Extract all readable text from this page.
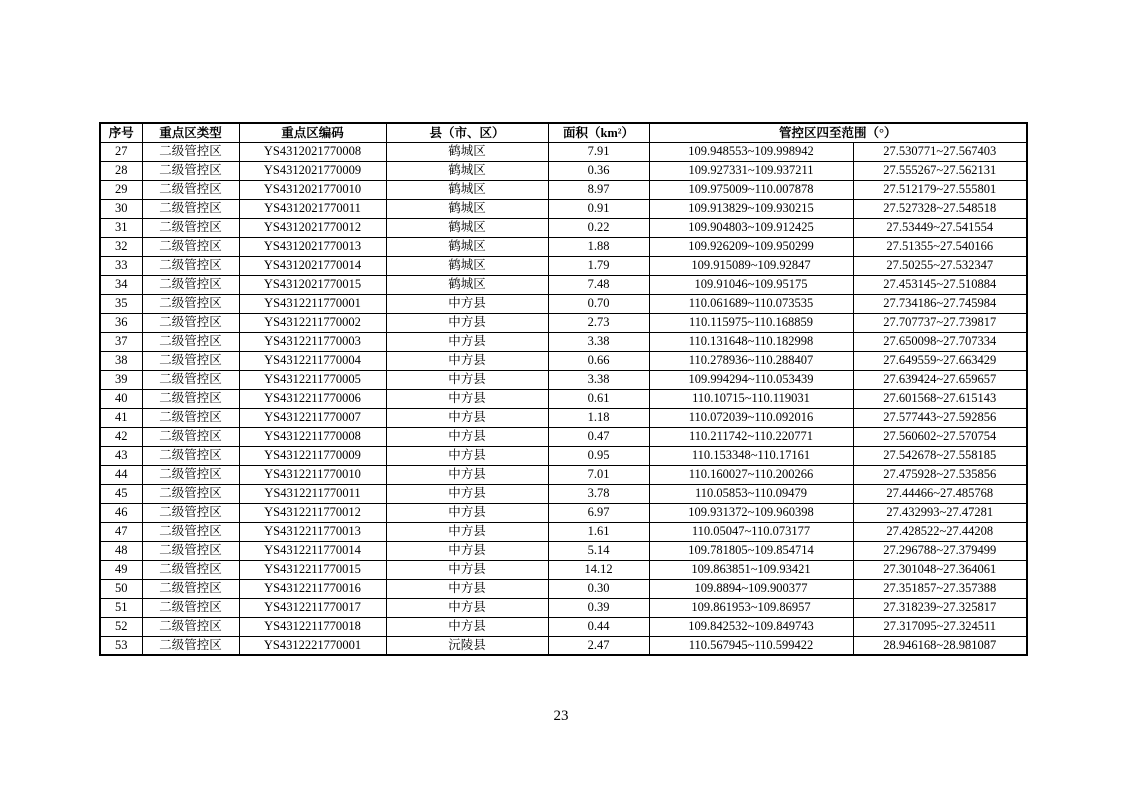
序号	重点区类型	重点区编码	县（市、区）	面积（km²）	管控区四至范围（°）	
27	二级管控区	YS4312021770008	鹤城区	7.91	109.948553~109.998942	27.530771~27.567403
28	二级管控区	YS4312021770009	鹤城区	0.36	109.927331~109.937211	27.555267~27.562131
29	二级管控区	YS4312021770010	鹤城区	8.97	109.975009~110.007878	27.512179~27.555801
30	二级管控区	YS4312021770011	鹤城区	0.91	109.913829~109.930215	27.527328~27.548518
31	二级管控区	YS4312021770012	鹤城区	0.22	109.904803~109.912425	27.53449~27.541554
32	二级管控区	YS4312021770013	鹤城区	1.88	109.926209~109.950299	27.51355~27.540166
33	二级管控区	YS4312021770014	鹤城区	1.79	109.915089~109.92847	27.50255~27.532347
34	二级管控区	YS4312021770015	鹤城区	7.48	109.91046~109.95175	27.453145~27.510884
35	二级管控区	YS4312211770001	中方县	0.70	110.061689~110.073535	27.734186~27.745984
36	二级管控区	YS4312211770002	中方县	2.73	110.115975~110.168859	27.707737~27.739817
37	二级管控区	YS4312211770003	中方县	3.38	110.131648~110.182998	27.650098~27.707334
38	二级管控区	YS4312211770004	中方县	0.66	110.278936~110.288407	27.649559~27.663429
39	二级管控区	YS4312211770005	中方县	3.38	109.994294~110.053439	27.639424~27.659657
40	二级管控区	YS4312211770006	中方县	0.61	110.10715~110.119031	27.601568~27.615143
41	二级管控区	YS4312211770007	中方县	1.18	110.072039~110.092016	27.577443~27.592856
42	二级管控区	YS4312211770008	中方县	0.47	110.211742~110.220771	27.560602~27.570754
43	二级管控区	YS4312211770009	中方县	0.95	110.153348~110.17161	27.542678~27.558185
44	二级管控区	YS4312211770010	中方县	7.01	110.160027~110.200266	27.475928~27.535856
45	二级管控区	YS4312211770011	中方县	3.78	110.05853~110.09479	27.44466~27.485768
46	二级管控区	YS4312211770012	中方县	6.97	109.931372~109.960398	27.432993~27.47281
47	二级管控区	YS4312211770013	中方县	1.61	110.05047~110.073177	27.428522~27.44208
48	二级管控区	YS4312211770014	中方县	5.14	109.781805~109.854714	27.296788~27.379499
49	二级管控区	YS4312211770015	中方县	14.12	109.863851~109.93421	27.301048~27.364061
50	二级管控区	YS4312211770016	中方县	0.30	109.8894~109.900377	27.351857~27.357388
51	二级管控区	YS4312211770017	中方县	0.39	109.861953~109.86957	27.318239~27.325817
52	二级管控区	YS4312211770018	中方县	0.44	109.842532~109.849743	27.317095~27.324511
53	二级管控区	YS4312221770001	沅陵县	2.47	110.567945~110.599422	28.946168~28.981087
23
